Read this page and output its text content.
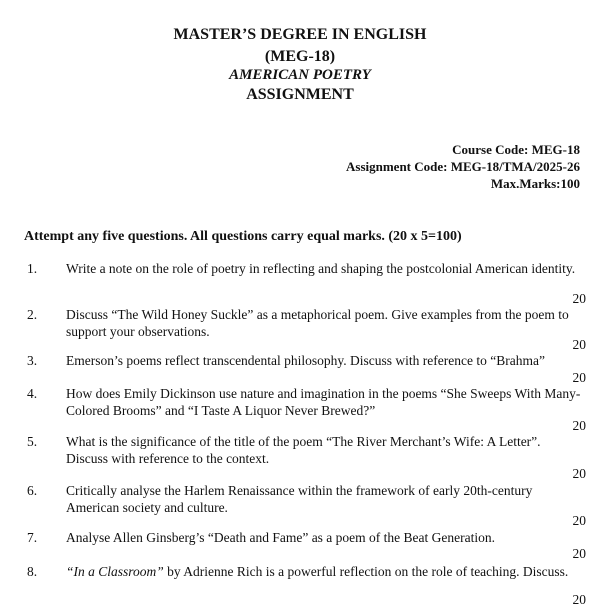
MASTER’S DEGREE IN ENGLISH
(MEG-18)
AMERICAN POETRY
ASSIGNMENT
Course Code: MEG-18
Assignment Code: MEG-18/TMA/2025-26
Max.Marks:100
Attempt any five questions. All questions carry equal marks. (20 x 5=100)
1. Write a note on the role of poetry in reflecting and shaping the postcolonial American identity.
20
2. Discuss “The Wild Honey Suckle” as a metaphorical poem. Give examples from the poem to support your observations.
20
3. Emerson’s poems reflect transcendental philosophy. Discuss with reference to “Brahma”
20
4. How does Emily Dickinson use nature and imagination in the poems “She Sweeps With Many-Colored Brooms” and “I Taste A Liquor Never Brewed?”
20
5. What is the significance of the title of the poem “The River Merchant’s Wife: A Letter”. Discuss with reference to the context.
20
6. Critically analyse the Harlem Renaissance within the framework of early 20th-century American society and culture.
20
7. Analyse Allen Ginsberg’s “Death and Fame” as a poem of the Beat Generation.
20
8. “In a Classroom” by Adrienne Rich is a powerful reflection on the role of teaching. Discuss.
20
